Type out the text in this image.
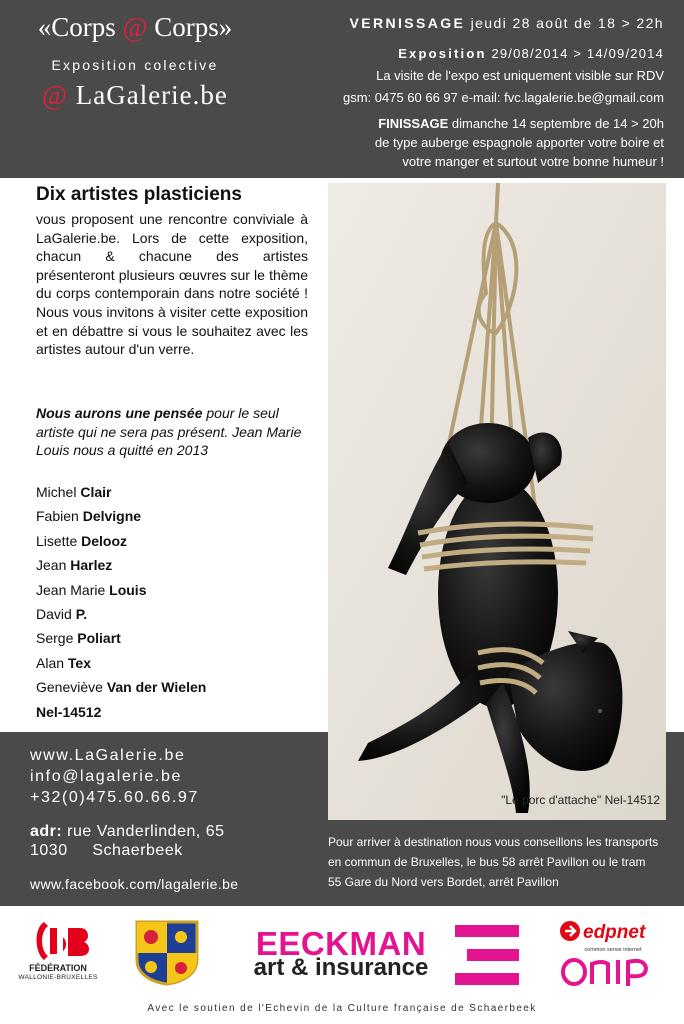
«Corps @ Corps»
Exposition colective
@ LaGalerie.be
VERNISSAGE jeudi 28 août de 18 > 22h
Exposition 29/08/2014 > 14/09/2014
La visite de l'expo est uniquement visible sur RDV
gsm: 0475 60 66 97 e-mail: fvc.lagalerie.be@gmail.com
FINISSAGE dimanche 14 septembre de 14 > 20h
de type auberge espagnole apporter votre boire et
votre manger et surtout votre bonne humeur !
Dix artistes plasticiens
vous proposent une rencontre conviviale à LaGalerie.be. Lors de cette exposition, chacun & chacune des artistes présenteront plusieurs œuvres sur le thème du corps contemporain dans notre société ! Nous vous invitons à visiter cette exposition et en débattre si vous le souhaitez avec les artistes autour d'un verre.
Nous aurons une pensée pour le seul artiste qui ne sera pas présent. Jean Marie Louis nous a quitté en 2013
Michel Clair
Fabien Delvigne
Lisette Delooz
Jean Harlez
Jean Marie Louis
David P.
Serge Poliart
Alan Tex
Geneviève Van der Wielen
Nel-14512
"Le porc d'attache" Nel-14512
www.LaGalerie.be
info@lagalerie.be
+32(0)475.60.66.97
adr: rue Vanderlinden, 65
1030     Schaerbeek
www.facebook.com/lagalerie.be
Pour arriver à destination nous vous conseillons les transports en commun de Bruxelles, le bus 58 arrêt Pavillon ou le tram 55 Gare du Nord vers Bordet, arrêt Pavillon
FÉDÉRATION
WALLONIE-BRUXELLES
EECKMAN
art & insurance
edpnet
common sense internet
Avec le soutien de l'Echevin de la Culture française de Schaerbeek
